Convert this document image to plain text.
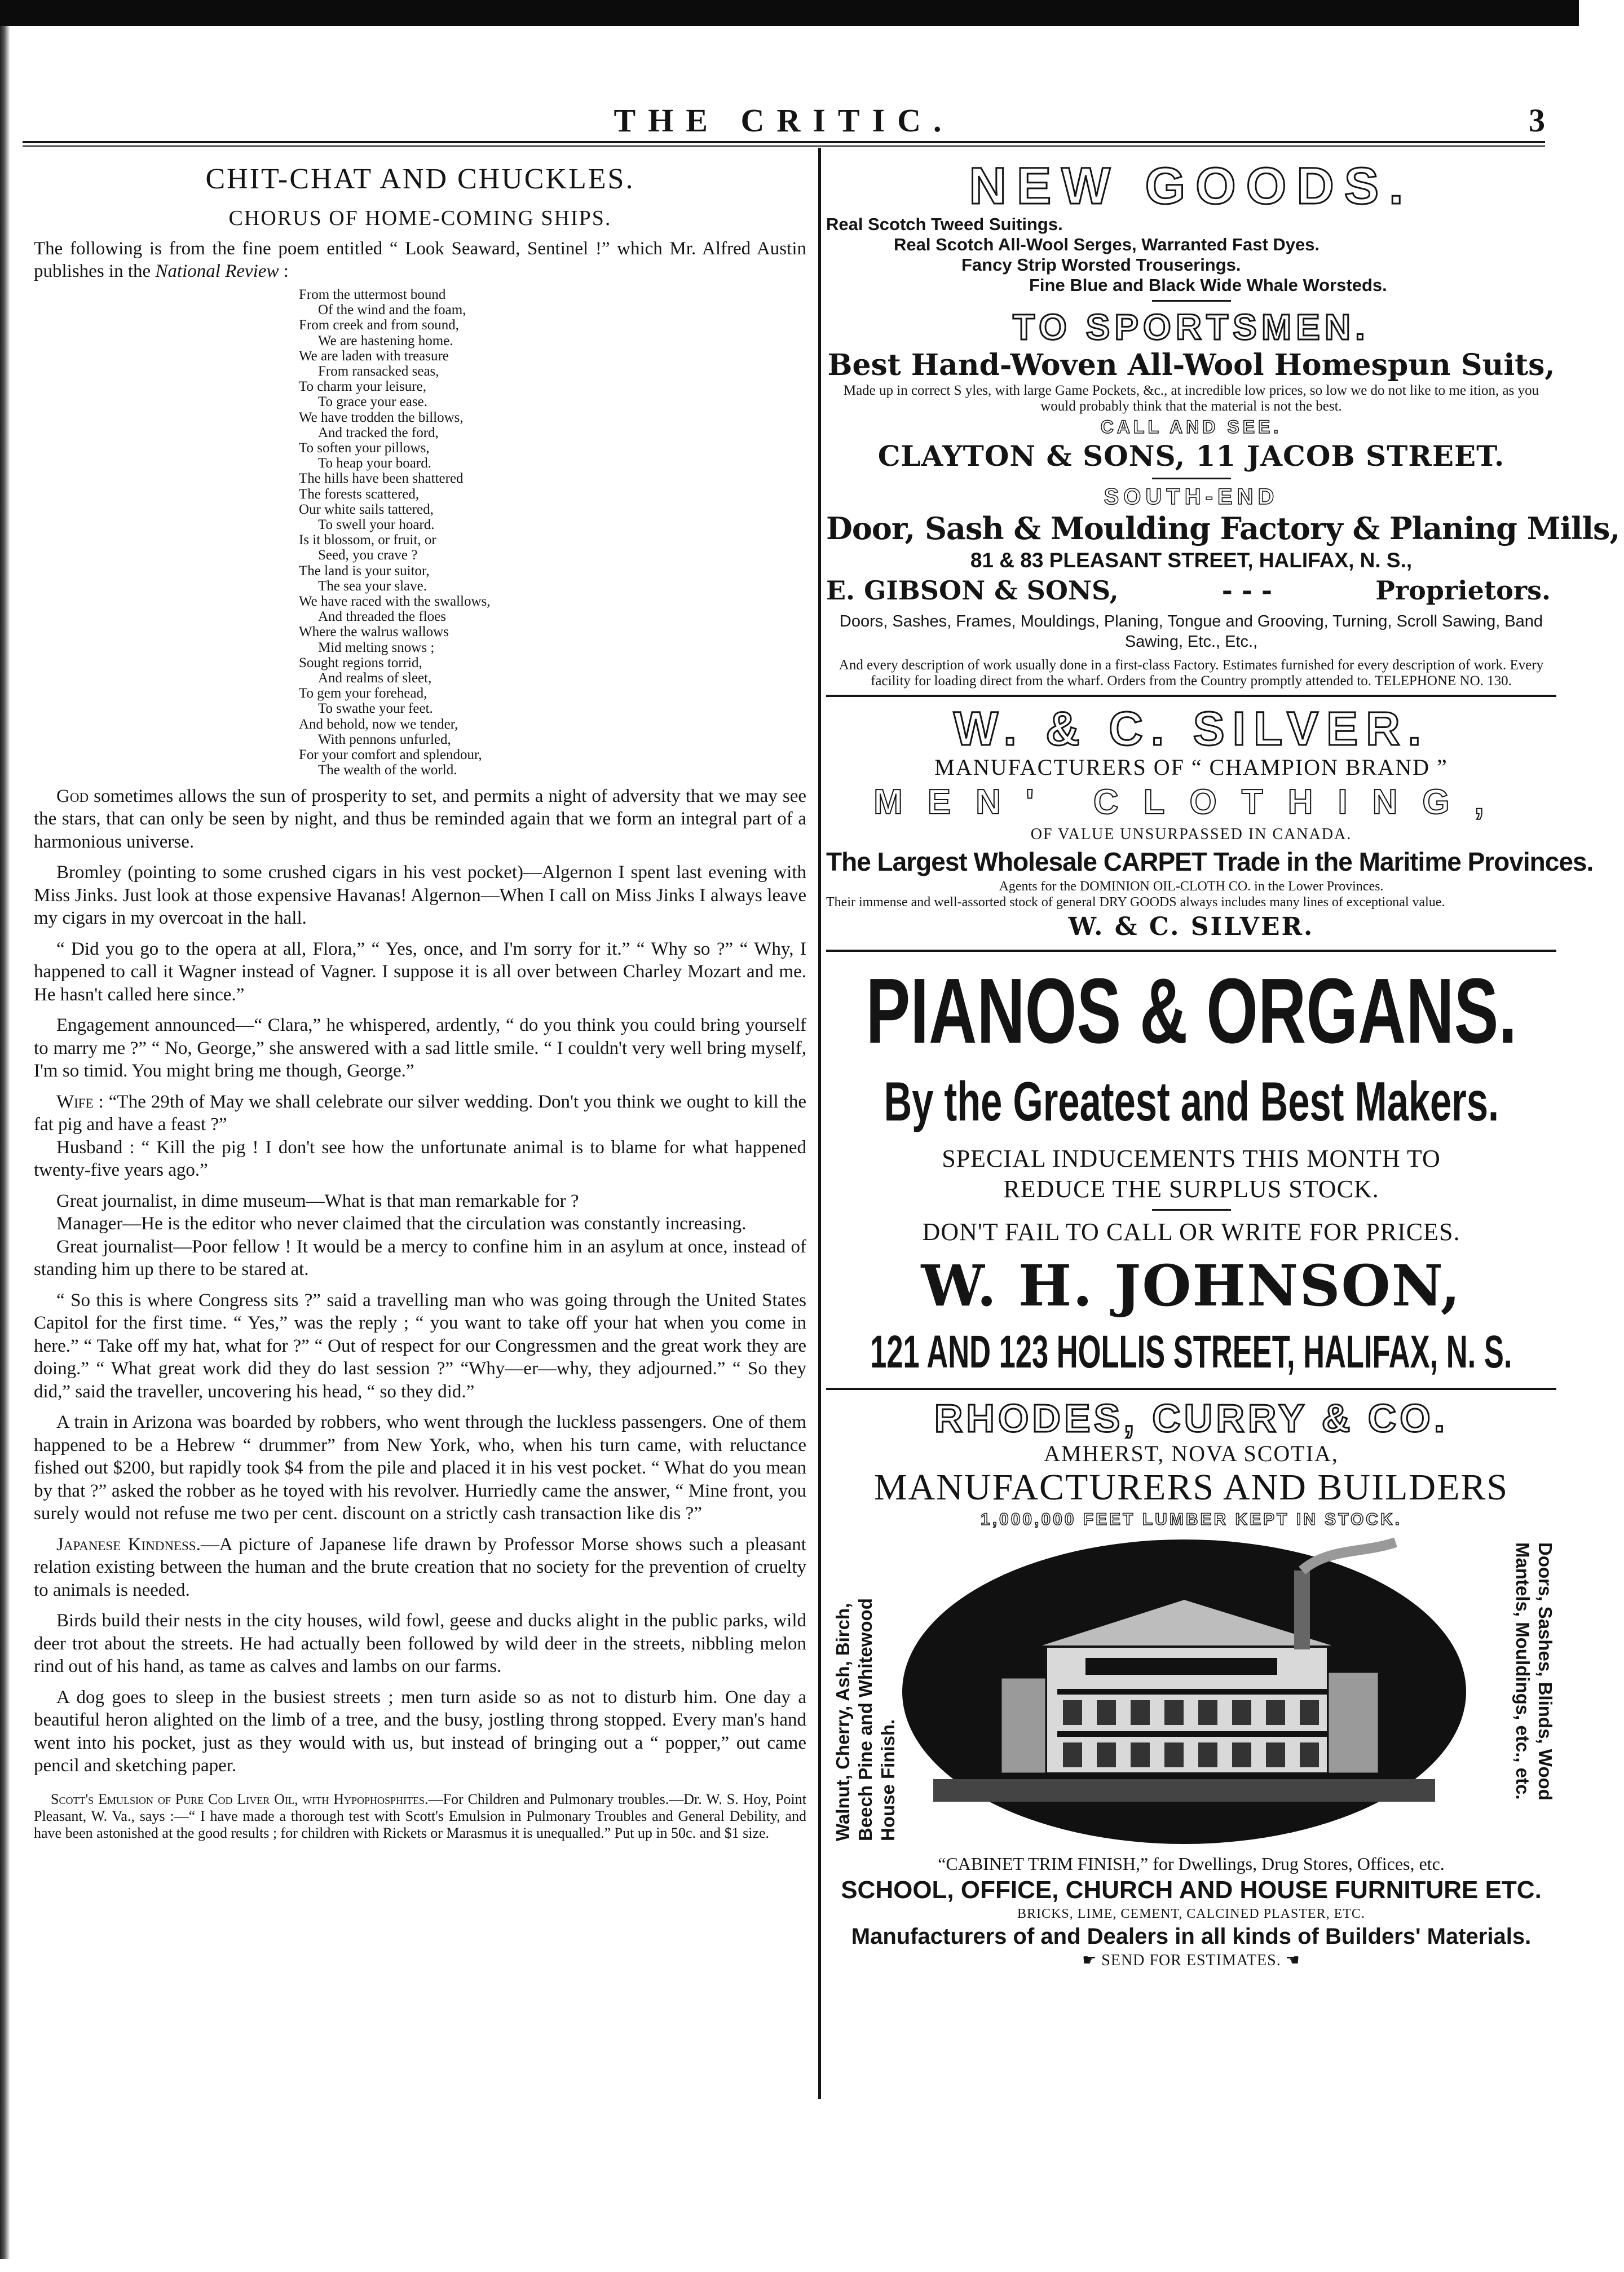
THE CRITIC.	3
CHIT-CHAT AND CHUCKLES.
CHORUS OF HOME-COMING SHIPS.
The following is from the fine poem entitled “ Look Seaward, Sentinel !” which Mr. Alfred Austin publishes in the National Review :
From the uttermost bound
Of the wind and the foam,
From creek and from sound,
We are hastening home.
We are laden with treasure
From ransacked seas,
To charm your leisure,
To grace your ease.
We have trodden the billows,
And tracked the ford,
To soften your pillows,
To heap your board.
The hills have been shattered
The forests scattered,
Our white sails tattered,
To swell your hoard.
Is it blossom, or fruit, or
Seed, you crave ?
The land is your suitor,
The sea your slave.
We have raced with the swallows,
And threaded the floes
Where the walrus wallows
Mid melting snows ;
Sought regions torrid,
And realms of sleet,
To gem your forehead,
To swathe your feet.
And behold, now we tender,
With pennons unfurled,
For your comfort and splendour,
The wealth of the world.

God sometimes allows the sun of prosperity to set, and permits a night of adversity that we may see the stars, that can only be seen by night, and thus be reminded again that we form an integral part of a harmonious universe.

Bromley (pointing to some crushed cigars in his vest pocket)—Algernon I spent last evening with Miss Jinks. Just look at those expensive Havanas! Algernon—When I call on Miss Jinks I always leave my cigars in my overcoat in the hall.

“ Did you go to the opera at all, Flora,” “ Yes, once, and I'm sorry for it.” “ Why so ?” “ Why, I happened to call it Wagner instead of Vagner. I suppose it is all over between Charley Mozart and me. He hasn't called here since.”

Engagement announced—“ Clara,” he whispered, ardently, “ do you think you could bring yourself to marry me ?” “ No, George,” she answered with a sad little smile. “ I couldn't very well bring myself, I'm so timid. You might bring me though, George.”

Wife : “The 29th of May we shall celebrate our silver wedding. Don't you think we ought to kill the fat pig and have a feast ?”

Husband : “ Kill the pig ! I don't see how the unfortunate animal is to blame for what happened twenty-five years ago.”

Great journalist, in dime museum—What is that man remarkable for ?

Manager—He is the editor who never claimed that the circulation was constantly increasing.

Great journalist—Poor fellow ! It would be a mercy to confine him in an asylum at once, instead of standing him up there to be stared at.

“ So this is where Congress sits ?” said a travelling man who was going through the United States Capitol for the first time. “ Yes,” was the reply ; “ you want to take off your hat when you come in here.” “ Take off my hat, what for ?” “ Out of respect for our Congressmen and the great work they are doing.” “ What great work did they do last session ?” “Why—er—why, they adjourned.” “ So they did,” said the traveller, uncovering his head, “ so they did.”

A train in Arizona was boarded by robbers, who went through the luckless passengers. One of them happened to be a Hebrew “ drummer” from New York, who, when his turn came, with reluctance fished out $200, but rapidly took $4 from the pile and placed it in his vest pocket. “ What do you mean by that ?” asked the robber as he toyed with his revolver. Hurriedly came the answer, “ Mine front, you surely would not refuse me two per cent. discount on a strictly cash transaction like dis ?”

Japanese Kindness.—A picture of Japanese life drawn by Professor Morse shows such a pleasant relation existing between the human and the brute creation that no society for the prevention of cruelty to animals is needed.

Birds build their nests in the city houses, wild fowl, geese and ducks alight in the public parks, wild deer trot about the streets. He had actually been followed by wild deer in the streets, nibbling melon rind out of his hand, as tame as calves and lambs on our farms.

A dog goes to sleep in the busiest streets ; men turn aside so as not to disturb him. One day a beautiful heron alighted on the limb of a tree, and the busy, jostling throng stopped. Every man's hand went into his pocket, just as they would with us, but instead of bringing out a “ popper,” out came pencil and sketching paper.

Scott's Emulsion of Pure Cod Liver Oil, with Hypophosphites.—For Children and Pulmonary troubles.—Dr. W. S. Hoy, Point Pleasant, W. Va., says :—“ I have made a thorough test with Scott's Emulsion in Pulmonary Troubles and General Debility, and have been astonished at the good results ; for children with Rickets or Marasmus it is unequalled.” Put up in 50c. and $1 size.

NEW GOODS.
Real Scotch Tweed Suitings.
Real Scotch All-Wool Serges, Warranted Fast Dyes.
Fancy Strip Worsted Trouserings.
Fine Blue and Black Wide Whale Worsteds.
TO SPORTSMEN.
Best Hand-Woven All-Wool Homespun Suits,
Made up in correct S yles, with large Game Pockets, &c., at incredible low prices, so low we do not like to me ition, as you would probably think that the material is not the best.
CALL AND SEE.
CLAYTON & SONS, 11 JACOB STREET.
SOUTH-END
Door, Sash & Moulding Factory & Planing Mills,
81 & 83 PLEASANT STREET, HALIFAX, N. S.,
E. GIBSON & SONS,	- - -	Proprietors.
Doors, Sashes, Frames, Mouldings, Planing, Tongue and Grooving, Turning, Scroll Sawing, Band Sawing, Etc., Etc.,
And every description of work usually done in a first-class Factory. Estimates furnished for every description of work. Every facility for loading direct from the wharf. Orders from the Country promptly attended to. TELEPHONE NO. 130.
W. & C. SILVER.
MANUFACTURERS OF “ CHAMPION BRAND ”
MEN' CLOTHING,
OF VALUE UNSURPASSED IN CANADA.
The Largest Wholesale CARPET Trade in the Maritime Provinces.
Agents for the DOMINION OIL-CLOTH CO. in the Lower Provinces.
Their immense and well-assorted stock of general DRY GOODS always includes many lines of exceptional value.
W. & C. SILVER.
PIANOS & ORGANS.
By the Greatest and Best Makers.
SPECIAL INDUCEMENTS THIS MONTH TO
REDUCE THE SURPLUS STOCK.
DON'T FAIL TO CALL OR WRITE FOR PRICES.
W. H. JOHNSON,
121 AND 123 HOLLIS STREET, HALIFAX, N. S.
RHODES, CURRY & CO.
AMHERST, NOVA SCOTIA,
MANUFACTURERS AND BUILDERS
1,000,000 FEET LUMBER KEPT IN STOCK.
Walnut, Cherry, Ash, Birch, Beech Pine and Whitewood House Finish.	Doors, Sashes, Blinds, Wood Mantels, Mouldings, etc., etc.
“CABINET TRIM FINISH,” for Dwellings, Drug Stores, Offices, etc.
SCHOOL, OFFICE, CHURCH AND HOUSE FURNITURE ETC.
BRICKS, LIME, CEMENT, CALCINED PLASTER, ETC.
Manufacturers of and Dealers in all kinds of Builders' Materials.
☛ SEND FOR ESTIMATES. ☚
